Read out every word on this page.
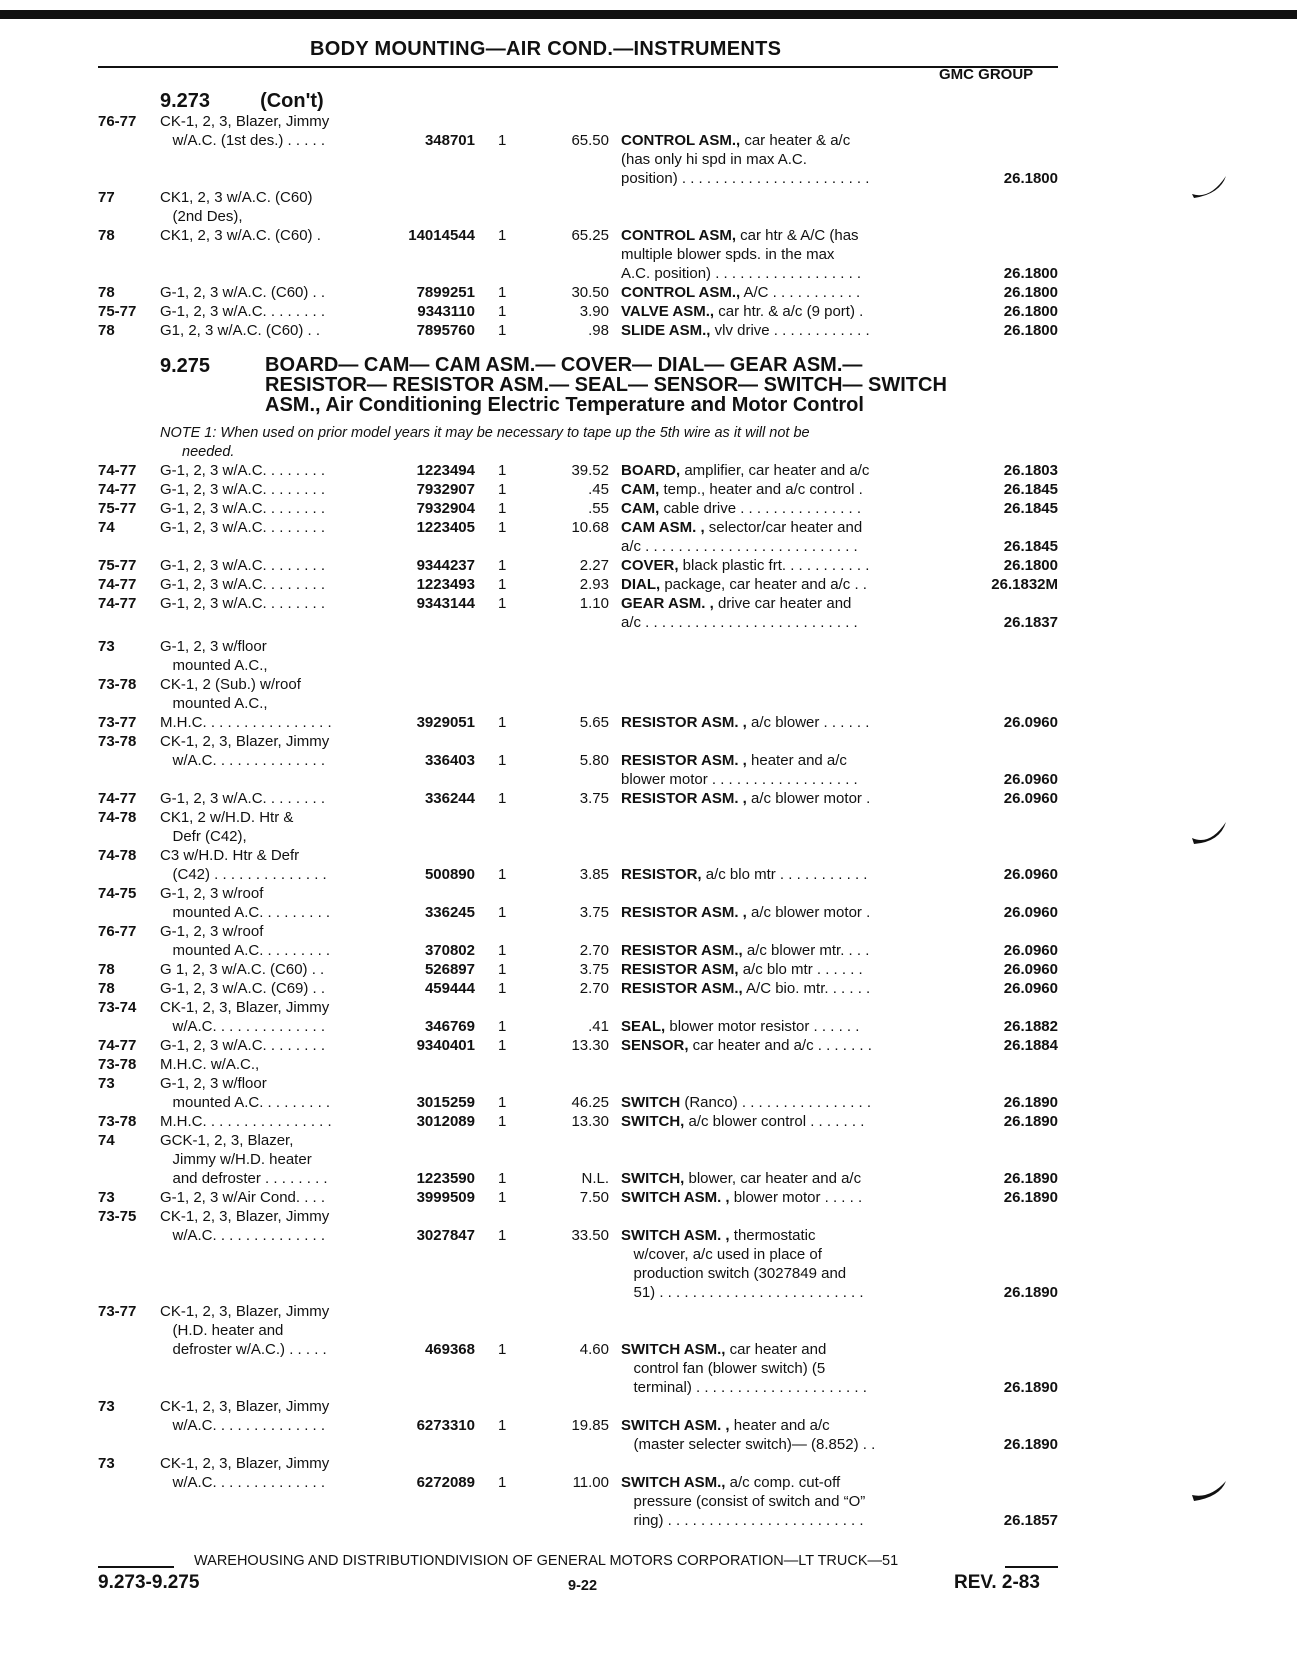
BODY MOUNTING—AIR COND.—INSTRUMENTS
GMC GROUP
9.273	(Con't)
9.275	BOARD— CAM— CAM ASM.— COVER— DIAL— GEAR ASM.—
RESISTOR— RESISTOR ASM.— SEAL— SENSOR— SWITCH— SWITCH
ASM., Air Conditioning Electric Temperature and Motor Control
NOTE 1: When used on prior model years it may be necessary to tape up the 5th wire as it will not be
needed.
76-77 CK-1, 2, 3, Blazer, Jimmy
w/A.C. (1st des.) . . . . .	348701 1	65.50 CONTROL ASM., car heater & a/c
(has only hi spd in max A.C.
position) . . . . . . . . . . . . . . . . . . . . . . .	26.1800
77	CK1, 2, 3 w/A.C. (C60)
(2nd Des),
78	CK1, 2, 3 w/A.C. (C60) .	14014544 1	65.25 CONTROL ASM, car htr & A/C (has
multiple blower spds. in the max
A.C. position) . . . . . . . . . . . . . . . . . .	26.1800
78	G-1, 2, 3 w/A.C. (C60) . .	7899251 1	30.50 CONTROL ASM., A/C . . . . . . . . . . .	26.1800
75-77 G-1, 2, 3 w/A.C. . . . . . . .	9343110 1	3.90 VALVE ASM., car htr. & a/c (9 port) .	26.1800
78	G1, 2, 3 w/A.C. (C60) . .	7895760 1	.98 SLIDE ASM., vlv drive . . . . . . . . . . . .	26.1800
74-77 G-1, 2, 3 w/A.C. . . . . . . .	1223494 1	39.52 BOARD, amplifier, car heater and a/c	26.1803
74-77 G-1, 2, 3 w/A.C. . . . . . . .	7932907 1	.45 CAM, temp., heater and a/c control .	26.1845
75-77 G-1, 2, 3 w/A.C. . . . . . . .	7932904 1	.55 CAM, cable drive . . . . . . . . . . . . . . .	26.1845
74	G-1, 2, 3 w/A.C. . . . . . . .	1223405 1	10.68 CAM ASM. , selector/car heater and
a/c . . . . . . . . . . . . . . . . . . . . . . . . . .	26.1845
75-77 G-1, 2, 3 w/A.C. . . . . . . .	9344237 1	2.27 COVER, black plastic frt. . . . . . . . . . .	26.1800
74-77 G-1, 2, 3 w/A.C. . . . . . . .	1223493 1	2.93 DIAL, package, car heater and a/c . .	26.1832M
74-77 G-1, 2, 3 w/A.C. . . . . . . .	9343144 1	1.10 GEAR ASM. , drive car heater and
a/c . . . . . . . . . . . . . . . . . . . . . . . . . .	26.1837
73	G-1, 2, 3 w/floor
mounted A.C.,
73-78 CK-1, 2 (Sub.) w/roof
mounted A.C.,
73-77 M.H.C. . . . . . . . . . . . . . . .	3929051 1	5.65 RESISTOR ASM. , a/c blower . . . . . .	26.0960
73-78 CK-1, 2, 3, Blazer, Jimmy
w/A.C. . . . . . . . . . . . . .	336403 1	5.80 RESISTOR ASM. , heater and a/c
blower motor . . . . . . . . . . . . . . . . . .	26.0960
74-77 G-1, 2, 3 w/A.C. . . . . . . .	336244 1	3.75 RESISTOR ASM. , a/c blower motor .	26.0960
74-78 CK1, 2 w/H.D. Htr &
Defr (C42),
74-78 C3 w/H.D. Htr & Defr
(C42) . . . . . . . . . . . . . .	500890 1	3.85 RESISTOR, a/c blo mtr . . . . . . . . . . .	26.0960
74-75 G-1, 2, 3 w/roof
mounted A.C. . . . . . . . .	336245 1	3.75 RESISTOR ASM. , a/c blower motor .	26.0960
76-77 G-1, 2, 3 w/roof
mounted A.C. . . . . . . . .	370802 1	2.70 RESISTOR ASM., a/c blower mtr. . . .	26.0960
78	G 1, 2, 3 w/A.C. (C60) . .	526897 1	3.75 RESISTOR ASM, a/c blo mtr . . . . . .	26.0960
78	G-1, 2, 3 w/A.C. (C69) . .	459444 1	2.70 RESISTOR ASM., A/C bio. mtr. . . . . .	26.0960
73-74 CK-1, 2, 3, Blazer, Jimmy
w/A.C. . . . . . . . . . . . . .	346769 1	.41 SEAL, blower motor resistor . . . . . .	26.1882
74-77 G-1, 2, 3 w/A.C. . . . . . . .	9340401 1	13.30 SENSOR, car heater and a/c . . . . . . .	26.1884
73-78 M.H.C. w/A.C.,
73	G-1, 2, 3 w/floor
mounted A.C. . . . . . . . .	3015259 1	46.25 SWITCH (Ranco) . . . . . . . . . . . . . . . .	26.1890
73-78 M.H.C. . . . . . . . . . . . . . . .	3012089 1	13.30 SWITCH, a/c blower control . . . . . . .	26.1890
74	GCK-1, 2, 3, Blazer,
Jimmy w/H.D. heater
and defroster . . . . . . . .	1223590 1	N.L. SWITCH, blower, car heater and a/c	26.1890
73	G-1, 2, 3 w/Air Cond. . . .	3999509 1	7.50 SWITCH ASM. , blower motor . . . . .	26.1890
73-75 CK-1, 2, 3, Blazer, Jimmy
w/A.C. . . . . . . . . . . . . .	3027847 1	33.50 SWITCH ASM. , thermostatic
w/cover, a/c used in place of
production switch (3027849 and
51) . . . . . . . . . . . . . . . . . . . . . . . . .	26.1890
73-77 CK-1, 2, 3, Blazer, Jimmy
(H.D. heater and
defroster w/A.C.) . . . . .	469368 1	4.60 SWITCH ASM., car heater and
control fan (blower switch) (5
terminal) . . . . . . . . . . . . . . . . . . . . .	26.1890
73	CK-1, 2, 3, Blazer, Jimmy
w/A.C. . . . . . . . . . . . . .	6273310 1	19.85 SWITCH ASM. , heater and a/c
(master selecter switch)— (8.852) . .	26.1890
73	CK-1, 2, 3, Blazer, Jimmy
w/A.C. . . . . . . . . . . . . .	6272089 1	11.00 SWITCH ASM., a/c comp. cut-off
pressure (consist of switch and “O”
ring) . . . . . . . . . . . . . . . . . . . . . . . .	26.1857
WAREHOUSING AND DISTRIBUTIONDIVISION OF GENERAL MOTORS CORPORATION—LT TRUCK—51
9.273-9.275	9-22	REV. 2-83
